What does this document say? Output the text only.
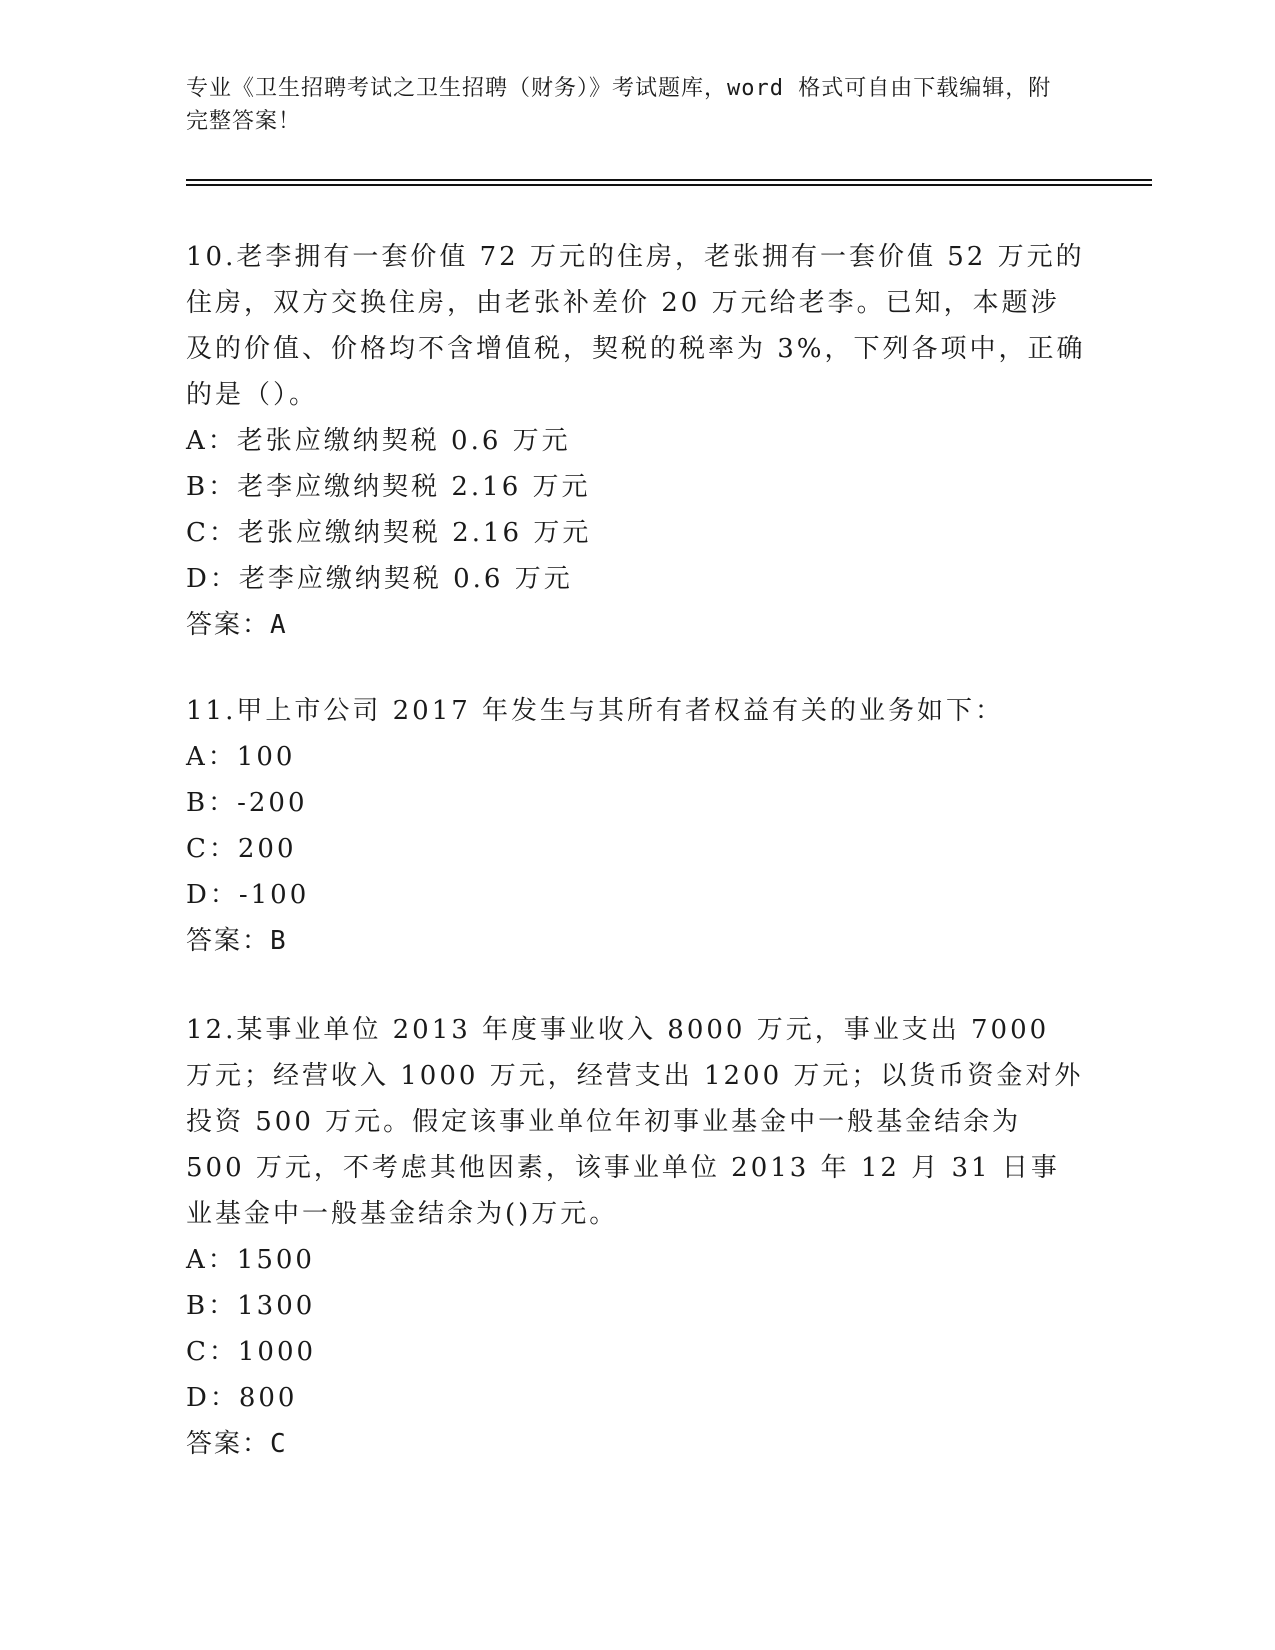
专业《卫生招聘考试之卫生招聘（财务）》考试题库，word 格式可自由下载编辑，附完整答案！

10.老李拥有一套价值 72 万元的住房，老张拥有一套价值 52 万元的住房，双方交换住房，由老张补差价 20 万元给老李。已知，本题涉及的价值、价格均不含增值税，契税的税率为 3%，下列各项中，正确的是（）。

A：老张应缴纳契税 0.6 万元

B：老李应缴纳契税 2.16 万元

C：老张应缴纳契税 2.16 万元

D：老李应缴纳契税 0.6 万元

答案：A

11.甲上市公司 2017 年发生与其所有者权益有关的业务如下：

A：100

B：-200

C：200

D：-100

答案：B

12.某事业单位 2013 年度事业收入 8000 万元，事业支出 7000 万元；经营收入 1000 万元，经营支出 1200 万元；以货币资金对外投资 500 万元。假定该事业单位年初事业基金中一般基金结余为 500 万元，不考虑其他因素，该事业单位 2013 年 12 月 31 日事业基金中一般基金结余为()万元。

A：1500

B：1300

C：1000

D：800

答案：C
